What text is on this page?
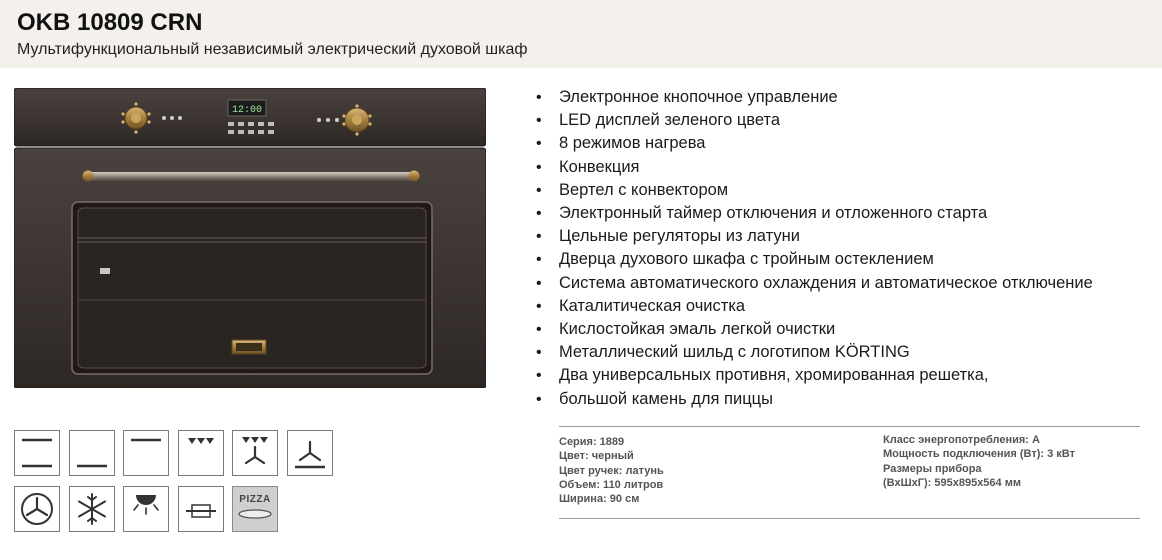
OKB 10809 CRN
Мультифункциональный независимый электрический духовой шкаф
12:00
• Электронное кнопочное управление
• LED дисплей зеленого цвета
• 8 режимов нагрева
• Конвекция
• Вертел с конвектором
• Электронный таймер отключения и отложенного старта
• Цельные регуляторы из латуни
• Дверца духового шкафа с тройным остеклением
• Система автоматического охлаждения и автоматическое отключение
• Каталитическая очистка
• Кислостойкая эмаль легкой очистки
• Металлический шильд с логотипом KÖRTING
• Два универсальных противня, хромированная решетка,
• большой камень для пиццы
PIZZA
Серия: 1889
Цвет: черный
Цвет ручек: латунь
Объем: 110 литров
Ширина: 90 см
Класс энергопотребления: A
Мощность подключения (Вт): 3 кВт
Размеры прибора
(ВхШхГ): 595х895х564 мм
